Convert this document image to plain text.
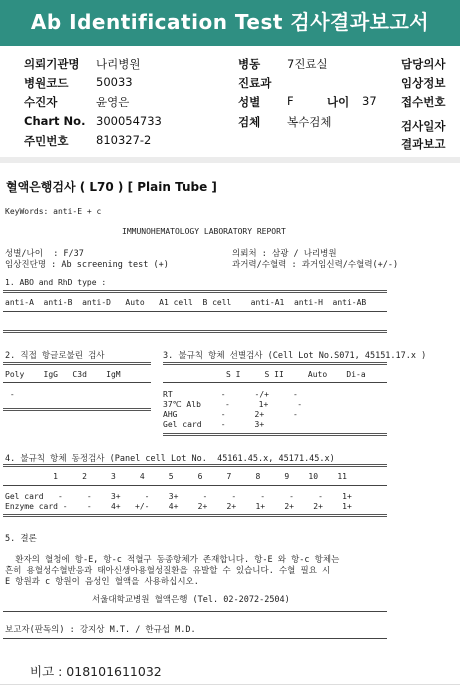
Ab Identification Test 검사결과보고서
의뢰기관명 나리병원
병원코드 50033
수진자	윤영은
Chart No. 300054733
주민번호 810327-2
병동 7진료실
진료과
성별 F	나이 37
검체 복수검체
담당의사
임상정보
접수번호
검사일자
결과보고
혈액은행검사 ( L70 ) [ Plain Tube ]
KeyWords: anti-E + c
IMMUNOHEMATOLOGY LABORATORY REPORT
성별/나이  : F/37
임상진단명 : Ab screening test (+)
의뢰처 : 삼광 / 나리병원
과거력/수혈력 : 과거임신력/수혈력(+/-)
1. ABO and RhD type :
anti-A  anti-B  anti-D   Auto   A1 cell  B cell    anti-A1  anti-H  anti-AB
2. 직접 항글로불린 검사	3. 불규칙 항체 선별검사 (Cell Lot No.S071, 45151.17.x )
Poly    IgG   C3d    IgM	S I     S II     Auto    Di-a
-	RT          -      -/+     -
37℃ Alb     -      1+      -
AHG         -      2+      -
Gel card    -      3+
4. 불규칙 항체 동정검사 (Panel cell Lot No.  45161.45.x, 45171.45.x)
1     2     3     4     5     6     7     8     9    10    11
Gel card   -     -    3+     -    3+     -     -     -     -     -    1+
Enzyme card -    -    4+   +/-    4+    2+    2+    1+    2+    2+    1+
5. 결론
환자의 혈청에 항-E, 항-c 적혈구 동종항체가 존재합니다. 항-E 와 항-c 항체는
흔히 용혈성수혈반응과 태아신생아용혈성질환을 유발할 수 있습니다. 수혈 필요 시
E 항원과 c 항원이 음성인 혈액을 사용하십시오.
서울대학교병원 혈액은행 (Tel. 02-2072-2504)
보고자(판독의) : 강지상 M.T. / 한규섭 M.D.
비고 : 018101611032
